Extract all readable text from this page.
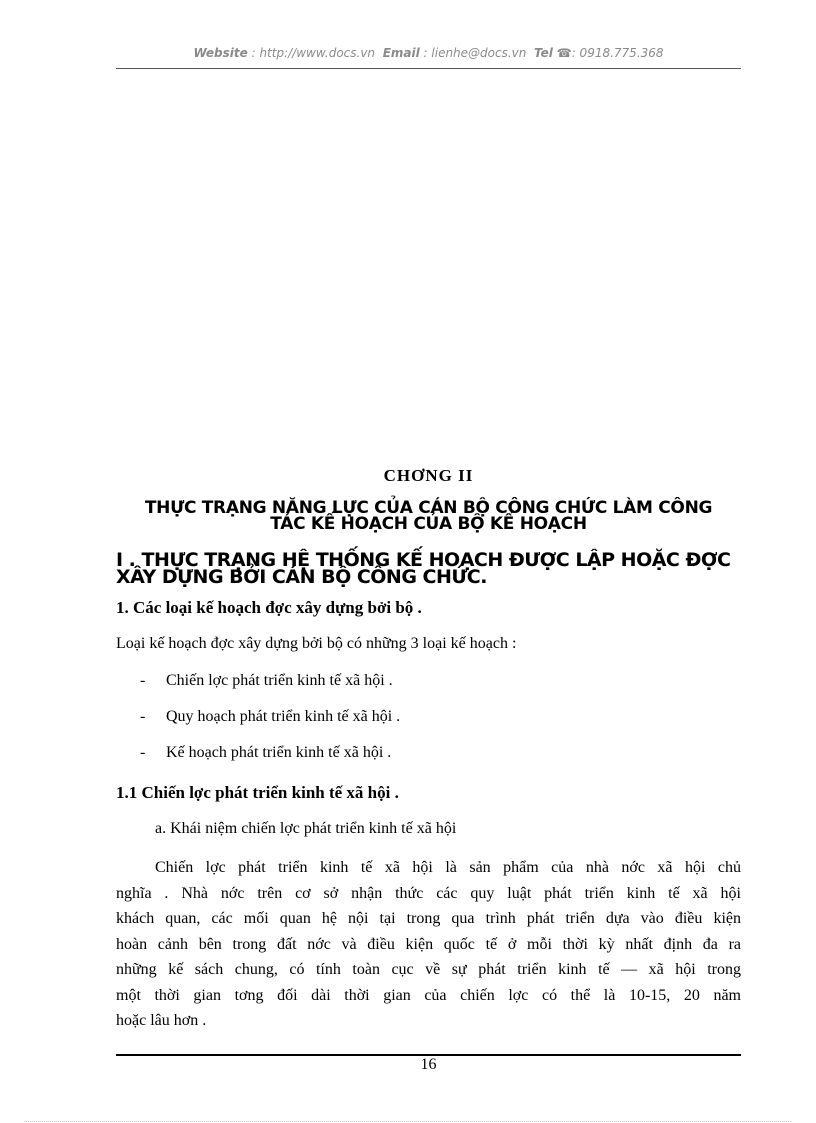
Website : http://www.docs.vn Email : lienhe@docs.vn Tel ☎: 0918.775.368
CHƠNG II
THỰC TRẠNG NĂNG LỰC CỦA CÁN BỘ CÔNG CHỨC LÀM CÔNG
TÁC KẾ HOẠCH CỦA BỘ KẾ HOẠCH
I . THỰC TRẠNG HỆ THỐNG KẾ HOẠCH ĐƯỢC LẬP HOẶC ĐỢC
XÂY DỰNG BỞI CÁN BỘ CÔNG CHỨC.
1. Các loại kế hoạch đợc xây dựng bởi bộ .
Loại kế hoạch đợc xây dựng bởi bộ có những 3 loại kế hoạch :
-	Chiến lợc phát triển kinh tế xã hội .
-	Quy hoạch phát triển kinh tế xã hội .
-	Kế hoạch phát triển kinh tế xã hội .
1.1 Chiến lợc phát triển kinh tế xã hội .
a. Khái niệm chiến lợc phát triển kinh tế xã hội
Chiến lợc phát triển kinh tế xã hội là sản phẩm của nhà nớc xã hội chủ
nghĩa . Nhà nớc trên cơ sở nhận thức các quy luật phát triển kinh tế xã hội
khách quan, các mối quan hệ nội tại trong qua trình phát triển dựa vào điều kiện
hoàn cảnh bên trong đất nớc và điều kiện quốc tế ở mỗi thời kỳ nhất định đa ra
những kế sách chung, có tính toàn cục về sự phát triển kinh tế — xã hội trong
một thời gian tơng đối dài thời gian của chiến lợc có thể là 10-15, 20 năm
hoặc lâu hơn .
16
